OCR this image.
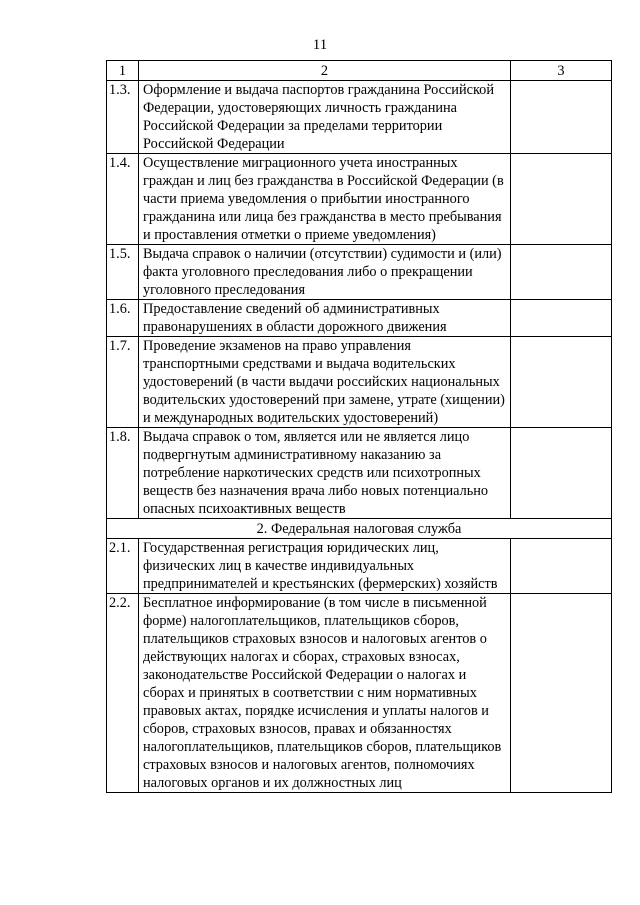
11
1	2	3
1.3.	Оформление и выдача паспортов гражданина Российской Федерации, удостоверяющих личность гражданина Российской Федерации за пределами территории Российской Федерации	
1.4.	Осуществление миграционного учета иностранных граждан и лиц без гражданства в Российской Федерации (в части приема уведомления о прибытии иностранного гражданина или лица без гражданства в место пребывания и проставления отметки о приеме уведомления)	
1.5.	Выдача справок о наличии (отсутствии) судимости и (или) факта уголовного преследования либо о прекращении уголовного преследования	
1.6.	Предоставление сведений об административных правонарушениях в области дорожного движения	
1.7.	Проведение экзаменов на право управления транспортными средствами и выдача водительских удостоверений (в части выдачи российских национальных водительских удостоверений при замене, утрате (хищении) и международных водительских удостоверений)	
1.8.	Выдача справок о том, является или не является лицо подвергнутым административному наказанию за потребление наркотических средств или психотропных веществ без назначения врача либо новых потенциально опасных психоактивных веществ	
2. Федеральная налоговая служба		
2.1.	Государственная регистрация юридических лиц, физических лиц в качестве индивидуальных предпринимателей и крестьянских (фермерских) хозяйств	
2.2.	Бесплатное информирование (в том числе в письменной форме) налогоплательщиков, плательщиков сборов, плательщиков страховых взносов и налоговых агентов о действующих налогах и сборах, страховых взносах, законодательстве Российской Федерации о налогах и сборах и принятых в соответствии с ним нормативных правовых актах, порядке исчисления и уплаты налогов и сборов, страховых взносов, правах и обязанностях налогоплательщиков, плательщиков сборов, плательщиков страховых взносов и налоговых агентов, полномочиях налоговых органов и их должностных лиц	
